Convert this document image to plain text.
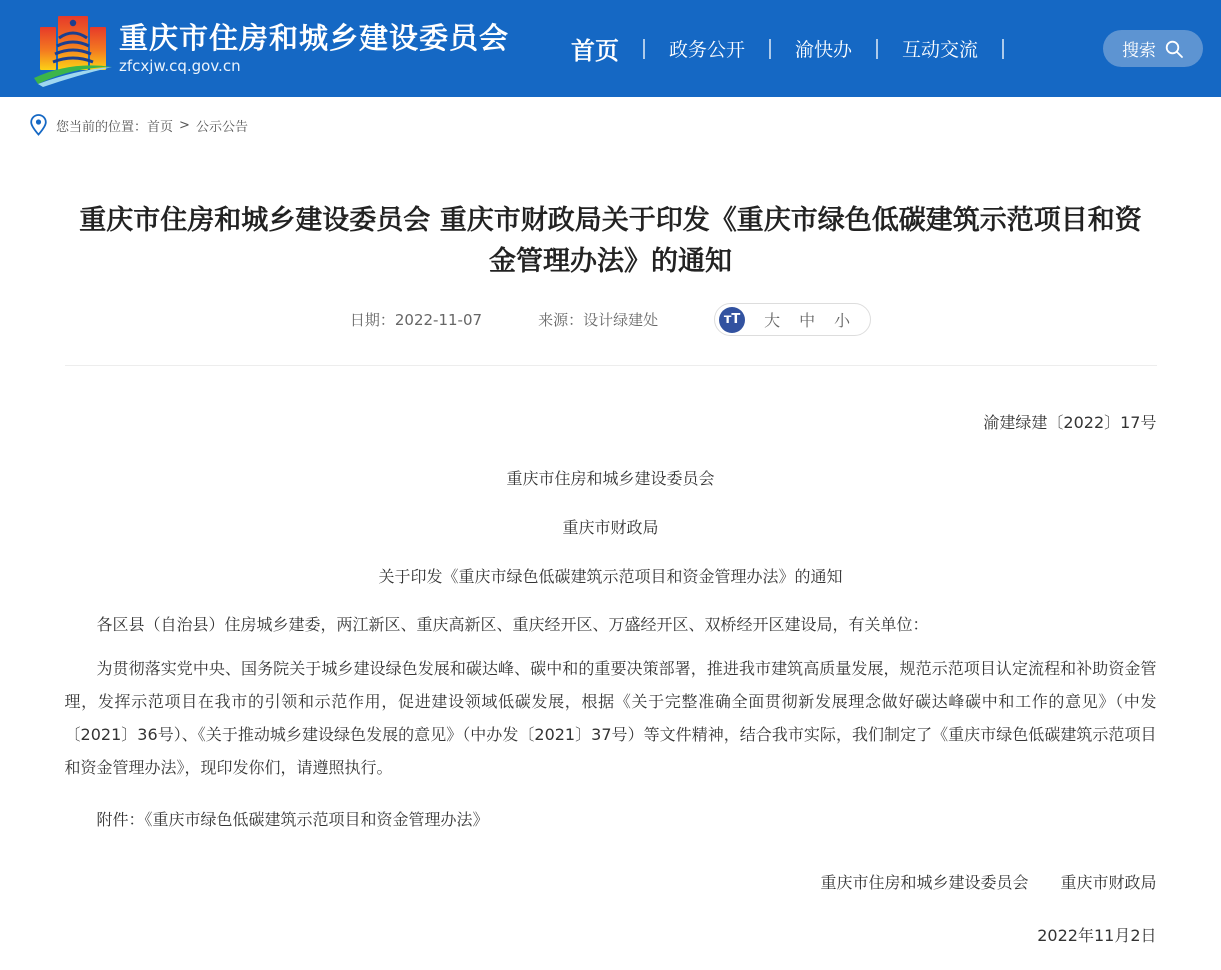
重庆市住房和城乡建设委员会
zfcxjw.cq.gov.cn
首页	政务公开	渝快办	互动交流	搜索
您当前的位置： 首页 > 公示公告
重庆市住房和城乡建设委员会 重庆市财政局关于印发《重庆市绿色低碳建筑示范项目和资金管理办法》的通知
日期：2022-11-07	来源：设计绿建处	тT 大 中 小
渝建绿建〔2022〕17号
重庆市住房和城乡建设委员会
重庆市财政局
关于印发《重庆市绿色低碳建筑示范项目和资金管理办法》的通知
各区县（自治县）住房城乡建委，两江新区、重庆高新区、重庆经开区、万盛经开区、双桥经开区建设局，有关单位：

为贯彻落实党中央、国务院关于城乡建设绿色发展和碳达峰、碳中和的重要决策部署，推进我市建筑高质量发展，规范示范项目认定流程和补助资金管理，发挥示范项目在我市的引领和示范作用，促进建设领域低碳发展，根据《关于完整准确全面贯彻新发展理念做好碳达峰碳中和工作的意见》（中发〔2021〕36号）、《关于推动城乡建设绿色发展的意见》（中办发〔2021〕37号）等文件精神，结合我市实际，我们制定了《重庆市绿色低碳建筑示范项目和资金管理办法》，现印发你们，请遵照执行。

附件：《重庆市绿色低碳建筑示范项目和资金管理办法》
重庆市住房和城乡建设委员会　　重庆市财政局
2022年11月2日
